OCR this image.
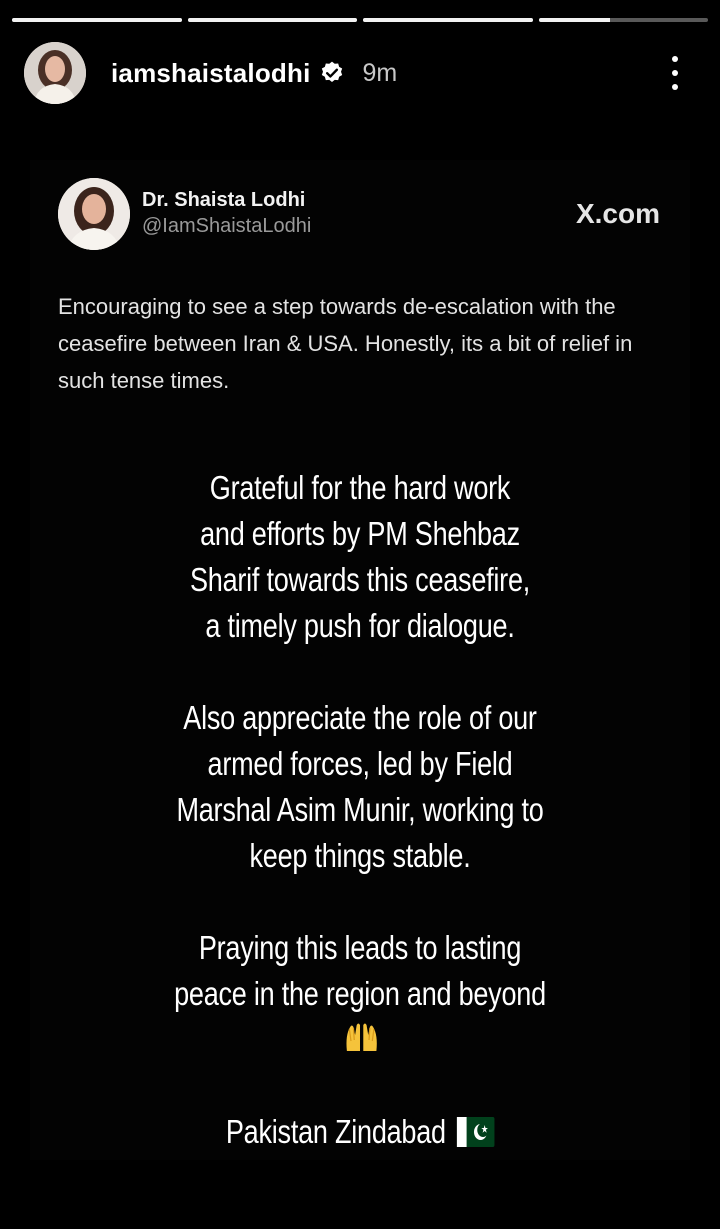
iamshaistalodhi 9m
Dr. Shaista Lodhi
@IamShaistaLodhi	X.com
Encouraging to see a step towards de-escalation with the ceasefire between Iran & USA. Honestly, its a bit of relief in such tense times.

Grateful for the hard work and efforts by PM Shehbaz Sharif towards this ceasefire, a timely push for dialogue.

Also appreciate the role of our armed forces, led by Field Marshal Asim Munir, working to keep things stable.

Praying this leads to lasting peace in the region and beyond

Pakistan Zindabad
